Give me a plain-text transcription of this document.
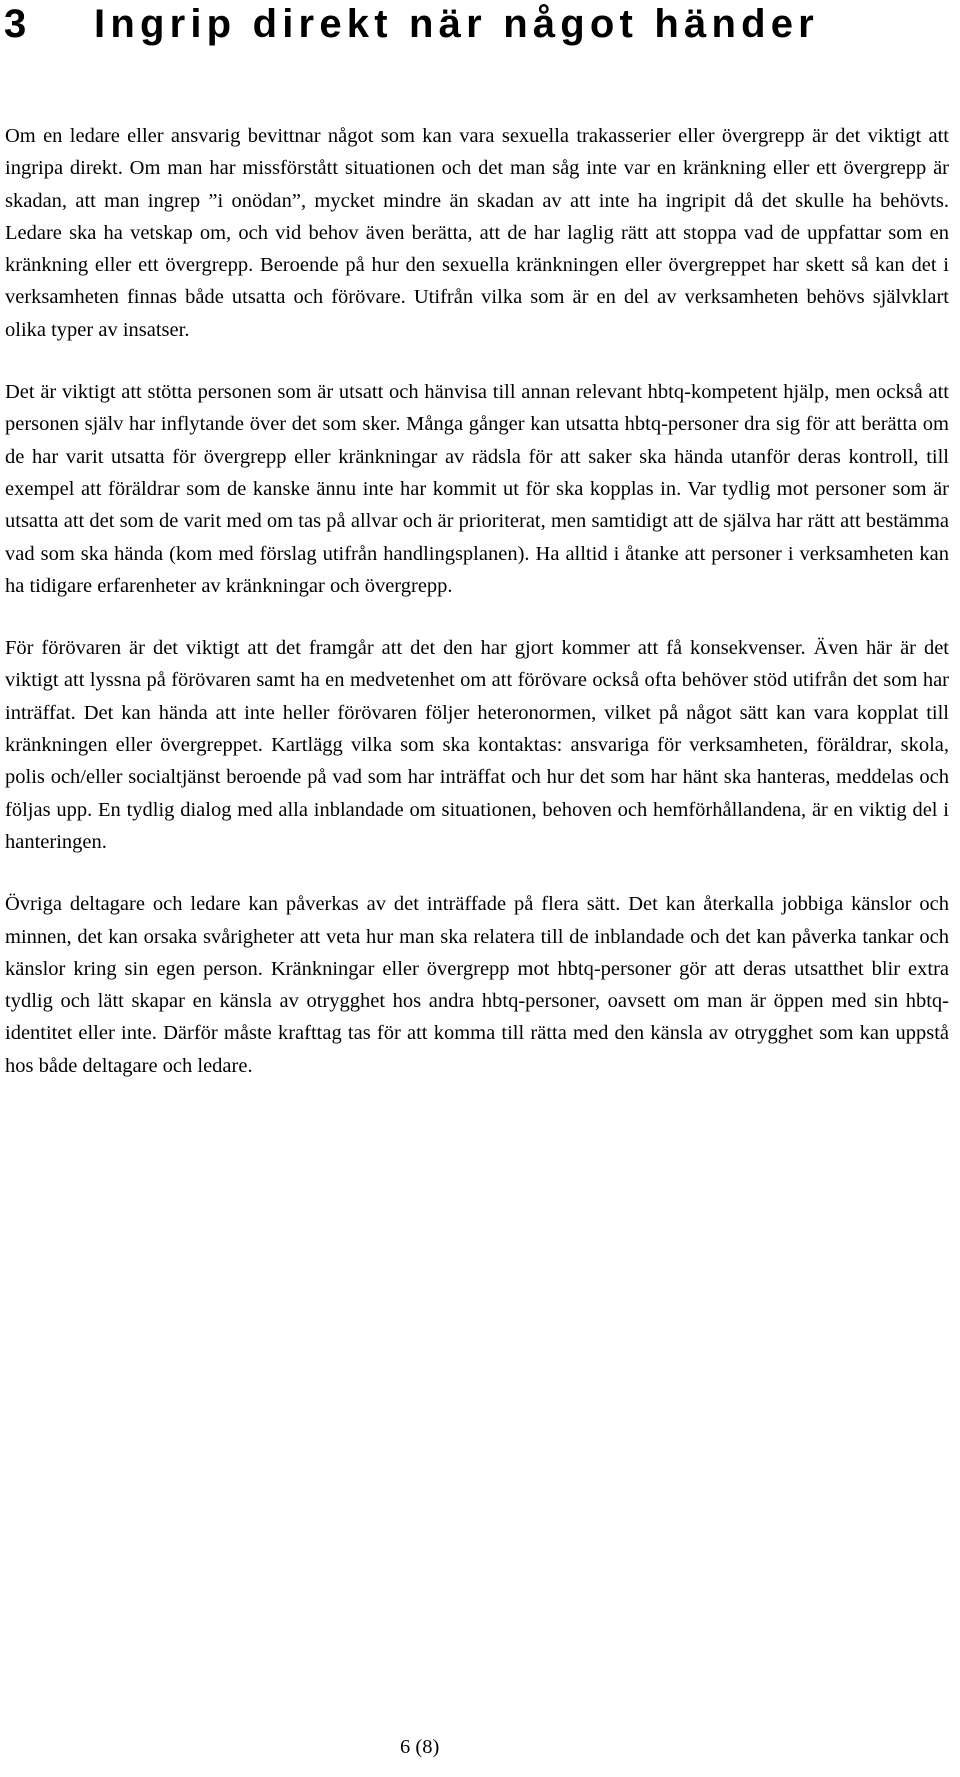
3	Ingrip direkt när något händer

Om en ledare eller ansvarig bevittnar något som kan vara sexuella trakasserier eller övergrepp är det viktigt att ingripa direkt. Om man har missförstått situationen och det man såg inte var en kränkning eller ett övergrepp är skadan, att man ingrep ”i onödan”, mycket mindre än skadan av att inte ha ingripit då det skulle ha behövts. Ledare ska ha vetskap om, och vid behov även berätta, att de har laglig rätt att stoppa vad de uppfattar som en kränkning eller ett övergrepp. Beroende på hur den sexuella kränkningen eller övergreppet har skett så kan det i verksamheten finnas både utsatta och förövare. Utifrån vilka som är en del av verksamheten behövs självklart olika typer av insatser.

Det är viktigt att stötta personen som är utsatt och hänvisa till annan relevant hbtq-kompetent hjälp, men också att personen själv har inflytande över det som sker. Många gånger kan utsatta hbtq-personer dra sig för att berätta om de har varit utsatta för övergrepp eller kränkningar av rädsla för att saker ska hända utanför deras kontroll, till exempel att föräldrar som de kanske ännu inte har kommit ut för ska kopplas in. Var tydlig mot personer som är utsatta att det som de varit med om tas på allvar och är prioriterat, men samtidigt att de själva har rätt att bestämma vad som ska hända (kom med förslag utifrån handlingsplanen). Ha alltid i åtanke att personer i verksamheten kan ha tidigare erfarenheter av kränkningar och övergrepp.

För förövaren är det viktigt att det framgår att det den har gjort kommer att få konsekvenser. Även här är det viktigt att lyssna på förövaren samt ha en medvetenhet om att förövare också ofta behöver stöd utifrån det som har inträffat. Det kan hända att inte heller förövaren följer heteronormen, vilket på något sätt kan vara kopplat till kränkningen eller övergreppet. Kartlägg vilka som ska kontaktas: ansvariga för verksamheten, föräldrar, skola, polis och/eller socialtjänst beroende på vad som har inträffat och hur det som har hänt ska hanteras, meddelas och följas upp. En tydlig dialog med alla inblandade om situationen, behoven och hemförhållandena, är en viktig del i hanteringen.

Övriga deltagare och ledare kan påverkas av det inträffade på flera sätt. Det kan återkalla jobbiga känslor och minnen, det kan orsaka svårigheter att veta hur man ska relatera till de inblandade och det kan påverka tankar och känslor kring sin egen person. Kränkningar eller övergrepp mot hbtq-personer gör att deras utsatthet blir extra tydlig och lätt skapar en känsla av otrygghet hos andra hbtq-personer, oavsett om man är öppen med sin hbtq-identitet eller inte. Därför måste krafttag tas för att komma till rätta med den känsla av otrygghet som kan uppstå hos både deltagare och ledare.

6 (8)
